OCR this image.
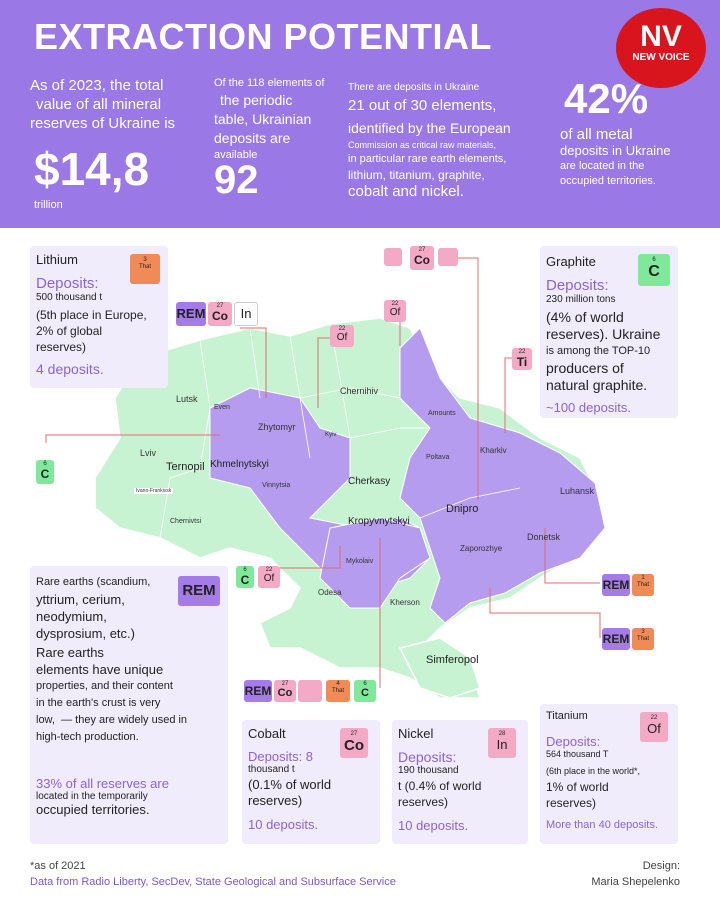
EXTRACTION POTENTIAL	NV
NEW VOICE
As of 2023, the total
value of all mineral
reserves of Ukraine is
$14,8
trillion
Of the 118 elements of
the periodic
table, Ukrainian
deposits are
available
92
There are deposits in Ukraine
21 out of 30 elements,
identified by the European
Commission as critical raw materials,
in particular rare earth elements,
lithium, titanium, graphite,
cobalt and nickel.
42%
of all metal
deposits in Ukraine
are located in the
occupied territories.
Lutsk
Even
Zhytomyr
Lviv
Ternopil Khmelnytskyi
Vinnytsia
Ivano-Frankivsk
Chernivtsi
Kyiv
Chernihiv
Amounts
Poltava
Kharkiv
Cherkasy
Kropyvnytskyi
Dnipro
Luhansk
Donetsk
Zaporozhye
Mykolaiv
Odesa
Kherson
Simferopol
6
C
REM	27
Co In
22
Of
27
Co
22
Of
22
Ti
6
C
22
Of	REM	1
That
REM	3
That
REM	27
Co
4
That
6
C
Lithium	3
That
Deposits:
500 thousand t
(5th place in Europe,
2% of global
reserves)
4 deposits.
Graphite	6
C
Deposits:
230 million tons
(4% of world
reserves). Ukraine
is among the TOP-10
producers of
natural graphite.
~100 deposits.
REM
Rare earths (scandium,
yttrium, cerium,
neodymium,
dysprosium, etc.)
Rare earths
elements have unique
properties, and their content
in the earth's crust is very
low, — they are widely used in
high-tech production.
33% of all reserves are
located in the temporarily
occupied territories.
Cobalt	27
Co
Deposits: 8
thousand t
(0.1% of world
reserves)
10 deposits.
Nickel	28
In
Deposits:
190 thousand
t (0.4% of world
reserves)
10 deposits.
Titanium	22
Of
Deposits:
564 thousand T
(6th place in the world*,
1% of world
reserves)
More than 40 deposits.
*as of 2021
Data from Radio Liberty, SecDev, State Geological and Subsurface Service
Design:
Maria Shepelenko
